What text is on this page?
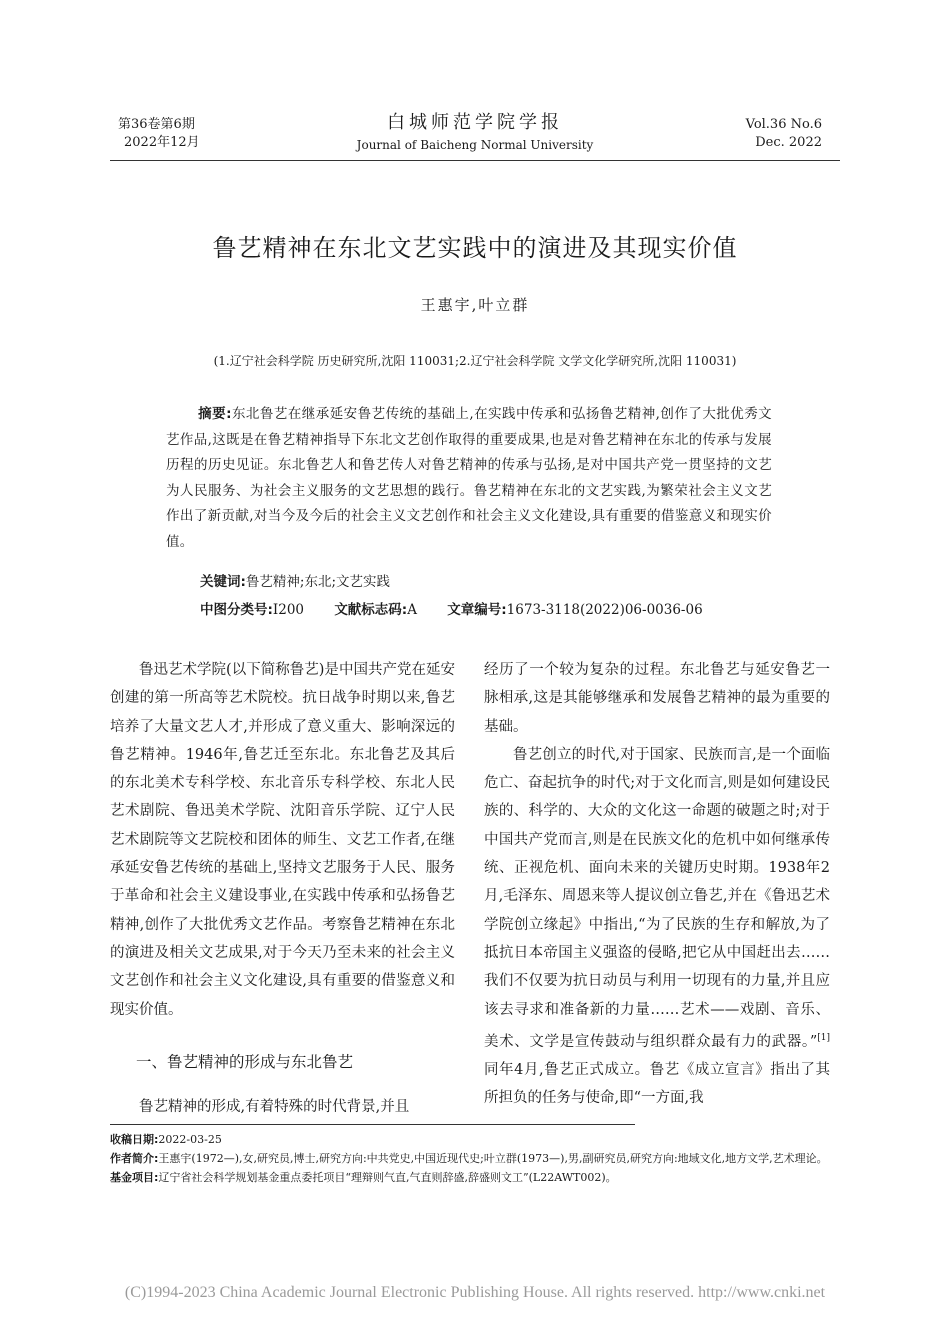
第36卷第6期
2022年12月
白城师范学院学报
Journal of Baicheng Normal University
Vol.36 No.6
Dec. 2022
鲁艺精神在东北文艺实践中的演进及其现实价值
王惠宇,叶立群
(1.辽宁社会科学院 历史研究所,沈阳 110031;2.辽宁社会科学院 文学文化学研究所,沈阳 110031)
摘要:东北鲁艺在继承延安鲁艺传统的基础上,在实践中传承和弘扬鲁艺精神,创作了大批优秀文艺作品,这既是在鲁艺精神指导下东北文艺创作取得的重要成果,也是对鲁艺精神在东北的传承与发展历程的历史见证。东北鲁艺人和鲁艺传人对鲁艺精神的传承与弘扬,是对中国共产党一贯坚持的文艺为人民服务、为社会主义服务的文艺思想的践行。鲁艺精神在东北的文艺实践,为繁荣社会主义文艺作出了新贡献,对当今及今后的社会主义文艺创作和社会主义文化建设,具有重要的借鉴意义和现实价值。
关键词:鲁艺精神;东北;文艺实践
中图分类号:I200 文献标志码:A 文章编号:1673-3118(2022)06-0036-06

鲁迅艺术学院(以下简称鲁艺)是中国共产党在延安创建的第一所高等艺术院校。抗日战争时期以来,鲁艺培养了大量文艺人才,并形成了意义重大、影响深远的鲁艺精神。1946年,鲁艺迁至东北。东北鲁艺及其后的东北美术专科学校、东北音乐专科学校、东北人民艺术剧院、鲁迅美术学院、沈阳音乐学院、辽宁人民艺术剧院等文艺院校和团体的师生、文艺工作者,在继承延安鲁艺传统的基础上,坚持文艺服务于人民、服务于革命和社会主义建设事业,在实践中传承和弘扬鲁艺精神,创作了大批优秀文艺作品。考察鲁艺精神在东北的演进及相关文艺成果,对于今天乃至未来的社会主义文艺创作和社会主义文化建设,具有重要的借鉴意义和现实价值。

一、鲁艺精神的形成与东北鲁艺

鲁艺精神的形成,有着特殊的时代背景,并且

经历了一个较为复杂的过程。东北鲁艺与延安鲁艺一脉相承,这是其能够继承和发展鲁艺精神的最为重要的基础。

鲁艺创立的时代,对于国家、民族而言,是一个面临危亡、奋起抗争的时代;对于文化而言,则是如何建设民族的、科学的、大众的文化这一命题的破题之时;对于中国共产党而言,则是在民族文化的危机中如何继承传统、正视危机、面向未来的关键历史时期。1938年2月,毛泽东、周恩来等人提议创立鲁艺,并在《鲁迅艺术学院创立缘起》中指出,“为了民族的生存和解放,为了抵抗日本帝国主义强盗的侵略,把它从中国赶出去……我们不仅要为抗日动员与利用一切现有的力量,并且应该去寻求和准备新的力量……艺术——戏剧、音乐、美术、文学是宣传鼓动与组织群众最有力的武器。”[1]同年4月,鲁艺正式成立。鲁艺《成立宣言》指出了其所担负的任务与使命,即“一方面,我

收稿日期:2022-03-25
作者简介:王惠宇(1972—),女,研究员,博士,研究方向:中共党史,中国近现代史;叶立群(1973—),男,副研究员,研究方向:地域文化,地方文学,艺术理论。
基金项目:辽宁省社会科学规划基金重点委托项目“理辩则气直,气直则辞盛,辞盛则文工”(L22AWT002)。
(C)1994-2023 China Academic Journal Electronic Publishing House. All rights reserved. http://www.cnki.net
